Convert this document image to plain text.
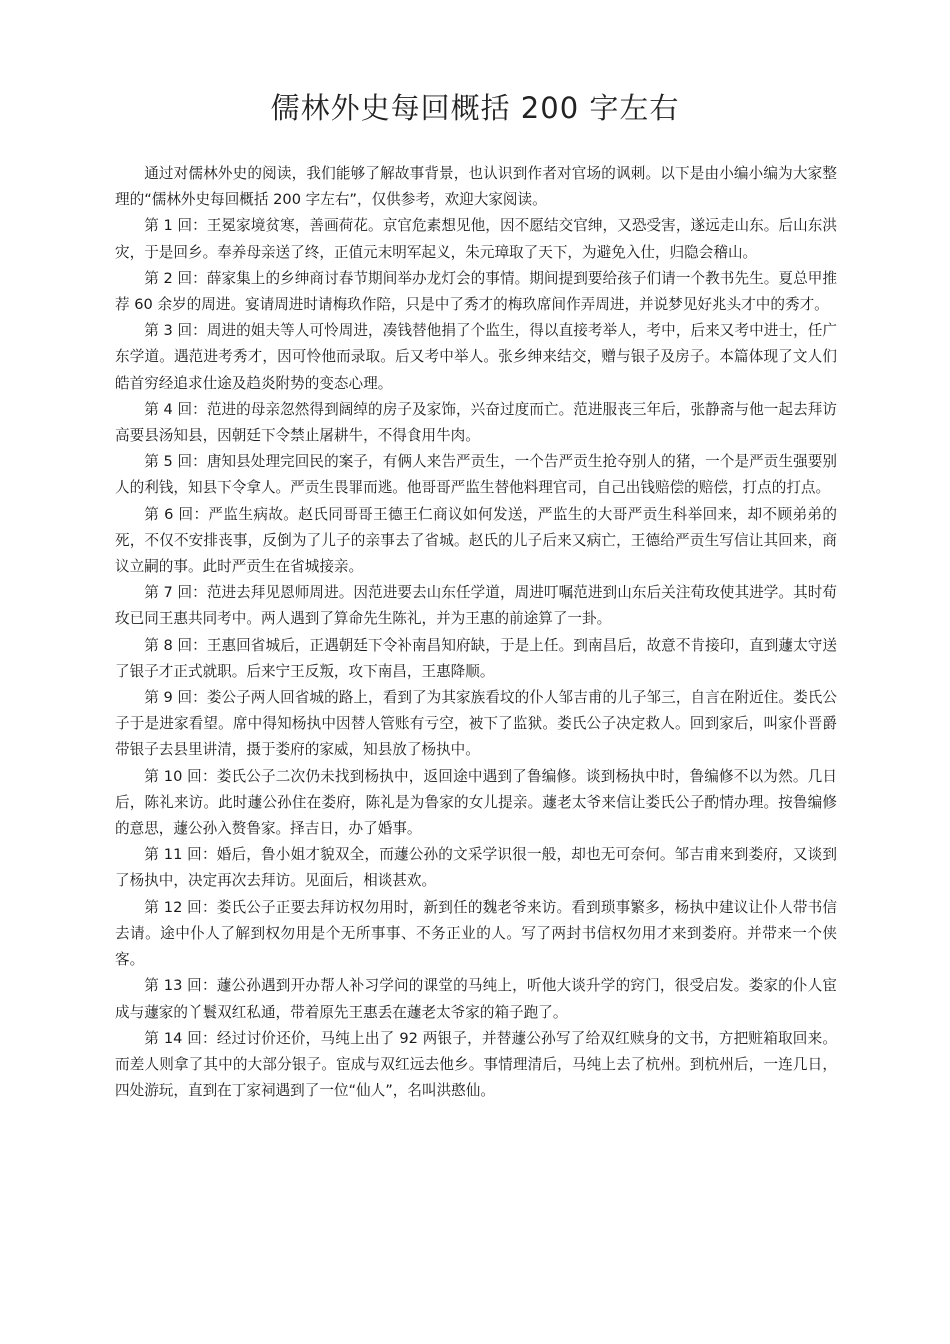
儒林外史每回概括 200 字左右

通过对儒林外史的阅读，我们能够了解故事背景，也认识到作者对官场的讽刺。以下是由小编小编为大家整理的“儒林外史每回概括 200 字左右”，仅供参考，欢迎大家阅读。

第 1 回：王冕家境贫寒，善画荷花。京官危素想见他，因不愿结交官绅，又恐受害，遂远走山东。后山东洪灾，于是回乡。奉养母亲送了终，正值元末明军起义，朱元璋取了天下，为避免入仕，归隐会稽山。

第 2 回：薛家集上的乡绅商讨春节期间举办龙灯会的事情。期间提到要给孩子们请一个教书先生。夏总甲推荐 60 余岁的周进。宴请周进时请梅玖作陪，只是中了秀才的梅玖席间作弄周进，并说梦见好兆头才中的秀才。

第 3 回：周进的姐夫等人可怜周进，凑钱替他捐了个监生，得以直接考举人，考中，后来又考中进士，任广东学道。遇范进考秀才，因可怜他而录取。后又考中举人。张乡绅来结交，赠与银子及房子。本篇体现了文人们皓首穷经追求仕途及趋炎附势的变态心理。

第 4 回：范进的母亲忽然得到阔绰的房子及家饰，兴奋过度而亡。范进服丧三年后，张静斋与他一起去拜访高要县汤知县，因朝廷下令禁止屠耕牛，不得食用牛肉。

第 5 回：唐知县处理完回民的案子，有俩人来告严贡生，一个告严贡生抢夺别人的猪，一个是严贡生强要别人的利钱，知县下令拿人。严贡生畏罪而逃。他哥哥严监生替他料理官司，自己出钱赔偿的赔偿，打点的打点。

第 6 回：严监生病故。赵氏同哥哥王德王仁商议如何发送，严监生的大哥严贡生科举回来，却不顾弟弟的死，不仅不安排丧事，反倒为了儿子的亲事去了省城。赵氏的儿子后来又病亡，王德给严贡生写信让其回来，商议立嗣的事。此时严贡生在省城接亲。

第 7 回：范进去拜见恩师周进。因范进要去山东任学道，周进叮嘱范进到山东后关注荀玫使其进学。其时荀玫已同王惠共同考中。两人遇到了算命先生陈礼，并为王惠的前途算了一卦。

第 8 回：王惠回省城后，正遇朝廷下令补南昌知府缺，于是上任。到南昌后，故意不肯接印，直到蘧太守送了银子才正式就职。后来宁王反叛，攻下南昌，王惠降顺。

第 9 回：娄公子两人回省城的路上，看到了为其家族看坟的仆人邹吉甫的儿子邹三，自言在附近住。娄氏公子于是进家看望。席中得知杨执中因替人管账有亏空，被下了监狱。娄氏公子决定救人。回到家后，叫家仆晋爵带银子去县里讲清，摄于娄府的家威，知县放了杨执中。

第 10 回：娄氏公子二次仍未找到杨执中，返回途中遇到了鲁编修。谈到杨执中时，鲁编修不以为然。几日后，陈礼来访。此时蘧公孙住在娄府，陈礼是为鲁家的女儿提亲。蘧老太爷来信让娄氏公子酌情办理。按鲁编修的意思，蘧公孙入赘鲁家。择吉日，办了婚事。

第 11 回：婚后，鲁小姐才貌双全，而蘧公孙的文采学识很一般，却也无可奈何。邹吉甫来到娄府，又谈到了杨执中，决定再次去拜访。见面后，相谈甚欢。

第 12 回：娄氏公子正要去拜访权勿用时，新到任的魏老爷来访。看到琐事繁多，杨执中建议让仆人带书信去请。途中仆人了解到权勿用是个无所事事、不务正业的人。写了两封书信权勿用才来到娄府。并带来一个侠客。

第 13 回：蘧公孙遇到开办帮人补习学问的课堂的马纯上，听他大谈升学的窍门，很受启发。娄家的仆人宦成与蘧家的丫鬟双红私通，带着原先王惠丢在蘧老太爷家的箱子跑了。

第 14 回：经过讨价还价，马纯上出了 92 两银子，并替蘧公孙写了给双红赎身的文书，方把赃箱取回来。而差人则拿了其中的大部分银子。宦成与双红远去他乡。事情理清后，马纯上去了杭州。到杭州后，一连几日，四处游玩，直到在丁家祠遇到了一位“仙人”，名叫洪憨仙。
